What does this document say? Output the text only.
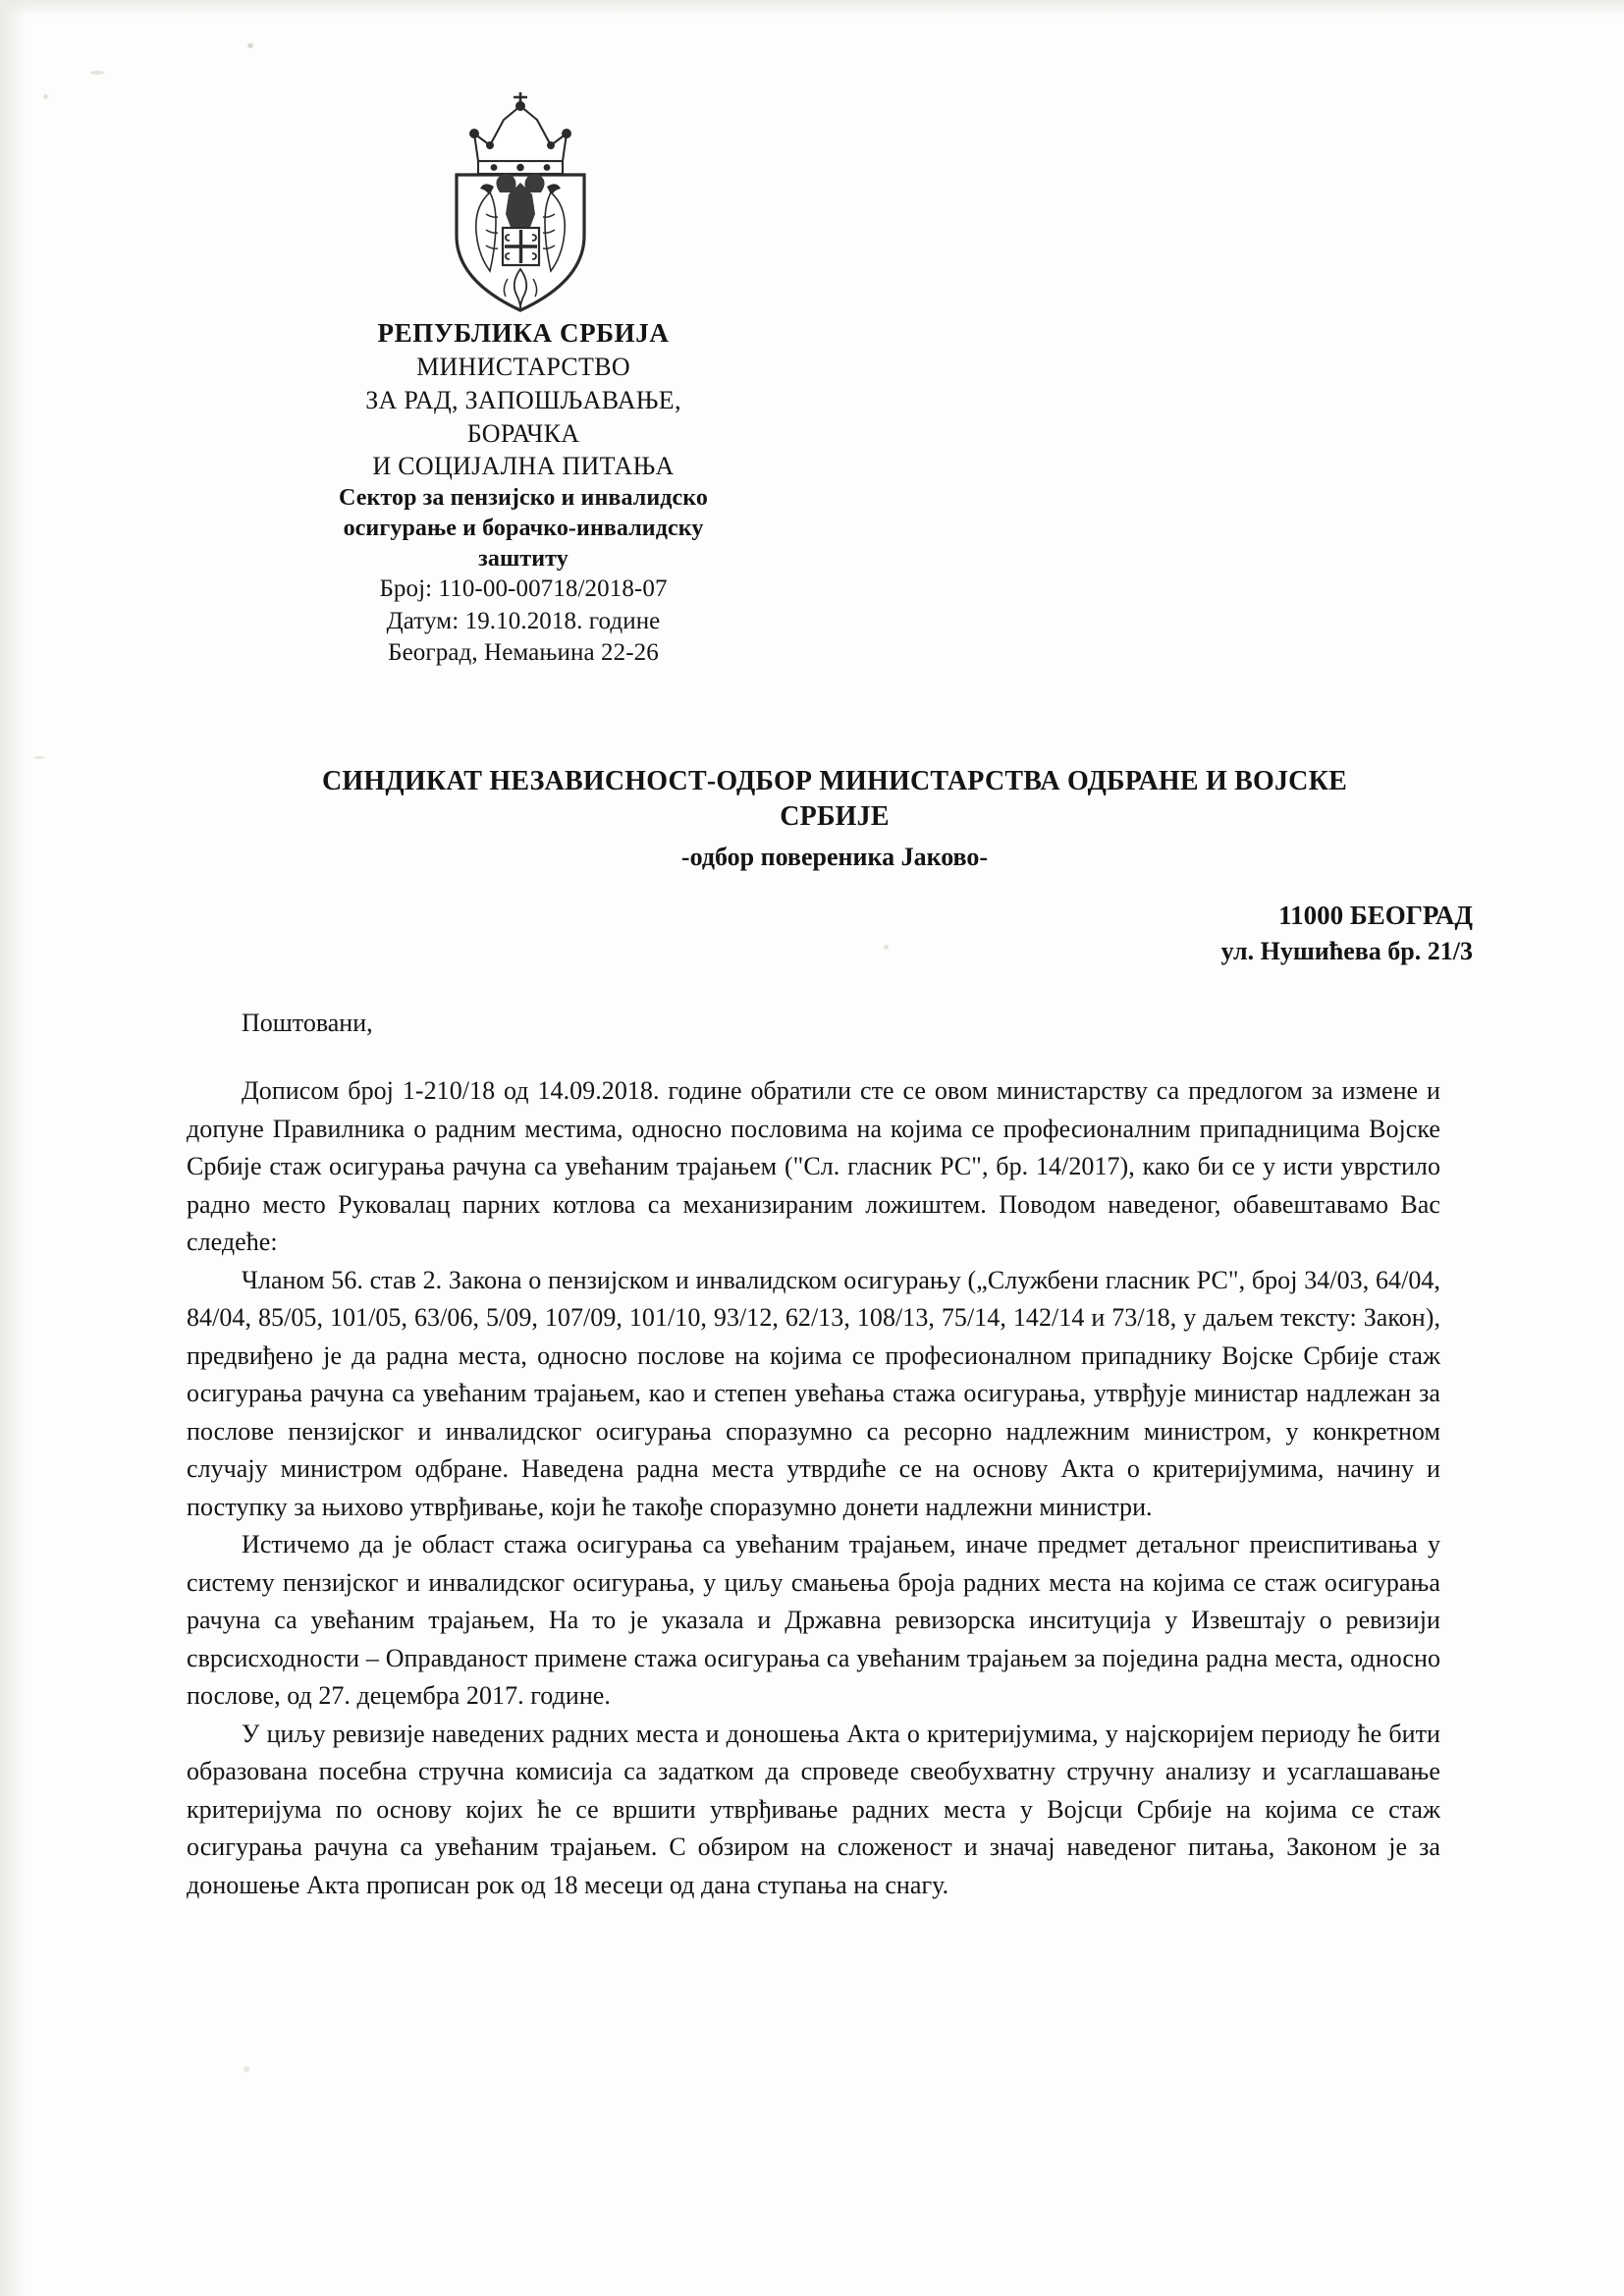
РЕПУБЛИКА СРБИЈА
МИНИСТАРСТВО
ЗА РАД, ЗАПОШЉАВАЊЕ,
БОРАЧКА
И СОЦИЈАЛНА ПИТАЊА
Сектор за пензијско и инвалидско
осигурање и борачко-инвалидску
заштиту
Број: 110-00-00718/2018-07
Датум: 19.10.2018. године
Београд, Немањина 22-26
СИНДИКАТ НЕЗАВИСНОСТ-ОДБОР МИНИСТАРСТВА ОДБРАНЕ И ВОЈСКЕ
СРБИЈЕ
-одбор повереника Јаково-
11000 БЕОГРАД
ул. Нушићева бр. 21/3
Поштовани,

Дописом број 1-210/18 од 14.09.2018. године обратили сте се овом министарству са предлогом за измене и допуне Правилника о радним местима, односно пословима на којима се професионалним припадницима Војске Србије стаж осигурања рачуна са увећаним трајањем ("Сл. гласник РС", бр. 14/2017), како би се у исти уврстило радно место Руковалац парних котлова са механизираним ложиштем. Поводом наведеног, обавештавамо Вас следеће:

Чланом 56. став 2. Закона о пензијском и инвалидском осигурању („Службени гласник РС", број 34/03, 64/04, 84/04, 85/05, 101/05, 63/06, 5/09, 107/09, 101/10, 93/12, 62/13, 108/13, 75/14, 142/14 и 73/18, у даљем тексту: Закон), предвиђено је да радна места, односно послове на којима се професионалном припаднику Војске Србије стаж осигурања рачуна са увећаним трајањем, као и степен увећања стажа осигурања, утврђује министар надлежан за послове пензијског и инвалидског осигурања споразумно са ресорно надлежним министром, у конкретном случају министром одбране. Наведена радна места утврдиће се на основу Акта о критеријумима, начину и поступку за њихово утврђивање, који ће такође споразумно донети надлежни министри.

Истичемо да је област стажа осигурања са увећаним трајањем, иначе предмет детаљног преиспитивања у систему пензијског и инвалидског осигурања, у циљу смањења броја радних места на којима се стаж осигурања рачуна са увећаним трајањем, На то је указала и Државна ревизорска инситуција у Извештају о ревизији сврсисходности – Оправданост примене стажа осигурања са увећаним трајањем за поједина радна места, односно послове, од 27. децембра 2017. године.

У циљу ревизије наведених радних места и доношења Акта о критеријумима, у најскоријем периоду ће бити образована посебна стручна комисија са задатком да спроведе свеобухватну стручну анализу и усаглашавање критеријума по основу којих ће се вршити утврђивање радних места у Војсци Србије на којима се стаж осигурања рачуна са увећаним трајањем. С обзиром на сложеност и значај наведеног питања, Законом је за доношење Акта прописан рок од 18 месеци од дана ступања на снагу.
